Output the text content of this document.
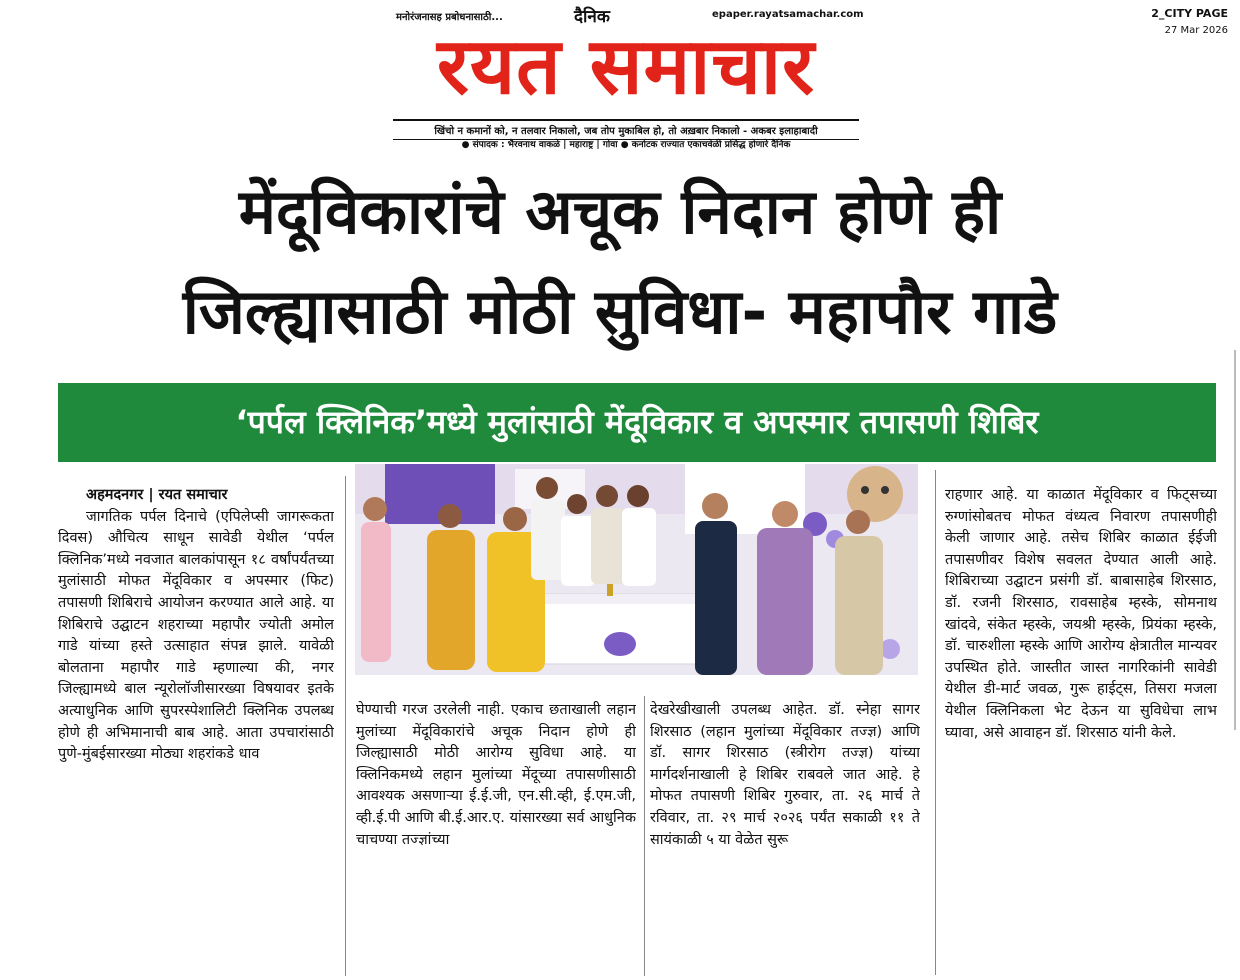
मनोरंजनासह प्रबोधनासाठी...	दैनिक	epaper.rayatsamachar.com	2_CITY PAGE
27 Mar 2026
रयत समाचार
खिंचो न कमानों को, न तलवार निकालो, जब तोप मुकाबिल हो, तो अख़बार निकालो - अकबर इलाहाबादी
● संपादक : भैरवनाथ वाकळे | महाराष्ट्र | गोवा ● कर्नाटक राज्यात एकाचवेळी प्रसिद्ध होणारे दैनिक
मेंदूविकारांचे अचूक निदान होणे ही
जिल्ह्यासाठी मोठी सुविधा- महापौर गाडे
‘पर्पल क्लिनिक’मध्ये मुलांसाठी मेंदूविकार व अपस्मार तपासणी शिबिर
अहमदनगर | रयत समाचार
जागतिक पर्पल दिनाचे (एपिलेप्सी जागरूकता दिवस) औचित्य साधून सावेडी येथील ‘पर्पल क्लिनिक’मध्ये नवजात बालकांपासून १८ वर्षांपर्यंतच्या मुलांसाठी मोफत मेंदूविकार व अपस्मार (फिट) तपासणी शिबिराचे आयोजन करण्यात आले आहे. या शिबिराचे उद्घाटन शहराच्या महापौर ज्योती अमोल गाडे यांच्या हस्ते उत्साहात संपन्न झाले. यावेळी बोलताना महापौर गाडे म्हणाल्या की, नगर जिल्ह्यामध्ये बाल न्यूरोलॉजीसारख्या विषयावर इतके अत्याधुनिक आणि सुपरस्पेशालिटी क्लिनिक उपलब्ध होणे ही अभिमानाची बाब आहे. आता उपचारांसाठी पुणे-मुंबईसारख्या मोठ्या शहरांकडे धाव
घेण्याची गरज उरलेली नाही. एकाच छताखाली लहान मुलांच्या मेंदूविकारांचे अचूक निदान होणे ही जिल्ह्यासाठी मोठी आरोग्य सुविधा आहे. या क्लिनिकमध्ये लहान मुलांच्या मेंदूच्या तपासणीसाठी आवश्यक असणाऱ्या ई.ई.जी, एन.सी.व्ही, ई.एम.जी, व्ही.ई.पी आणि बी.ई.आर.ए. यांसारख्या सर्व आधुनिक चाचण्या तज्ज्ञांच्या
देखरेखीखाली उपलब्ध आहेत. डॉ. स्नेहा सागर शिरसाठ (लहान मुलांच्या मेंदूविकार तज्ज्ञ) आणि डॉ. सागर शिरसाठ (स्त्रीरोग तज्ज्ञ) यांच्या मार्गदर्शनाखाली हे शिबिर राबवले जात आहे. हे मोफत तपासणी शिबिर गुरुवार, ता. २६ मार्च ते रविवार, ता. २९ मार्च २०२६ पर्यंत सकाळी ११ ते सायंकाळी ५ या वेळेत सुरू
राहणार आहे. या काळात मेंदूविकार व फिट्सच्या रुग्णांसोबतच मोफत वंध्यत्व निवारण तपासणीही केली जाणार आहे. तसेच शिबिर काळात ईईजी तपासणीवर विशेष सवलत देण्यात आली आहे. शिबिराच्या उद्घाटन प्रसंगी डॉ. बाबासाहेब शिरसाठ, डॉ. रजनी शिरसाठ, रावसाहेब म्हस्के, सोमनाथ खांदवे, संकेत म्हस्के, जयश्री म्हस्के, प्रियंका म्हस्के, डॉ. चारुशीला म्हस्के आणि आरोग्य क्षेत्रातील मान्यवर उपस्थित होते. जास्तीत जास्त नागरिकांनी सावेडी येथील डी-मार्ट जवळ, गुरू हाईट्स, तिसरा मजला येथील क्लिनिकला भेट देऊन या सुविधेचा लाभ घ्यावा, असे आवाहन डॉ. शिरसाठ यांनी केले.
